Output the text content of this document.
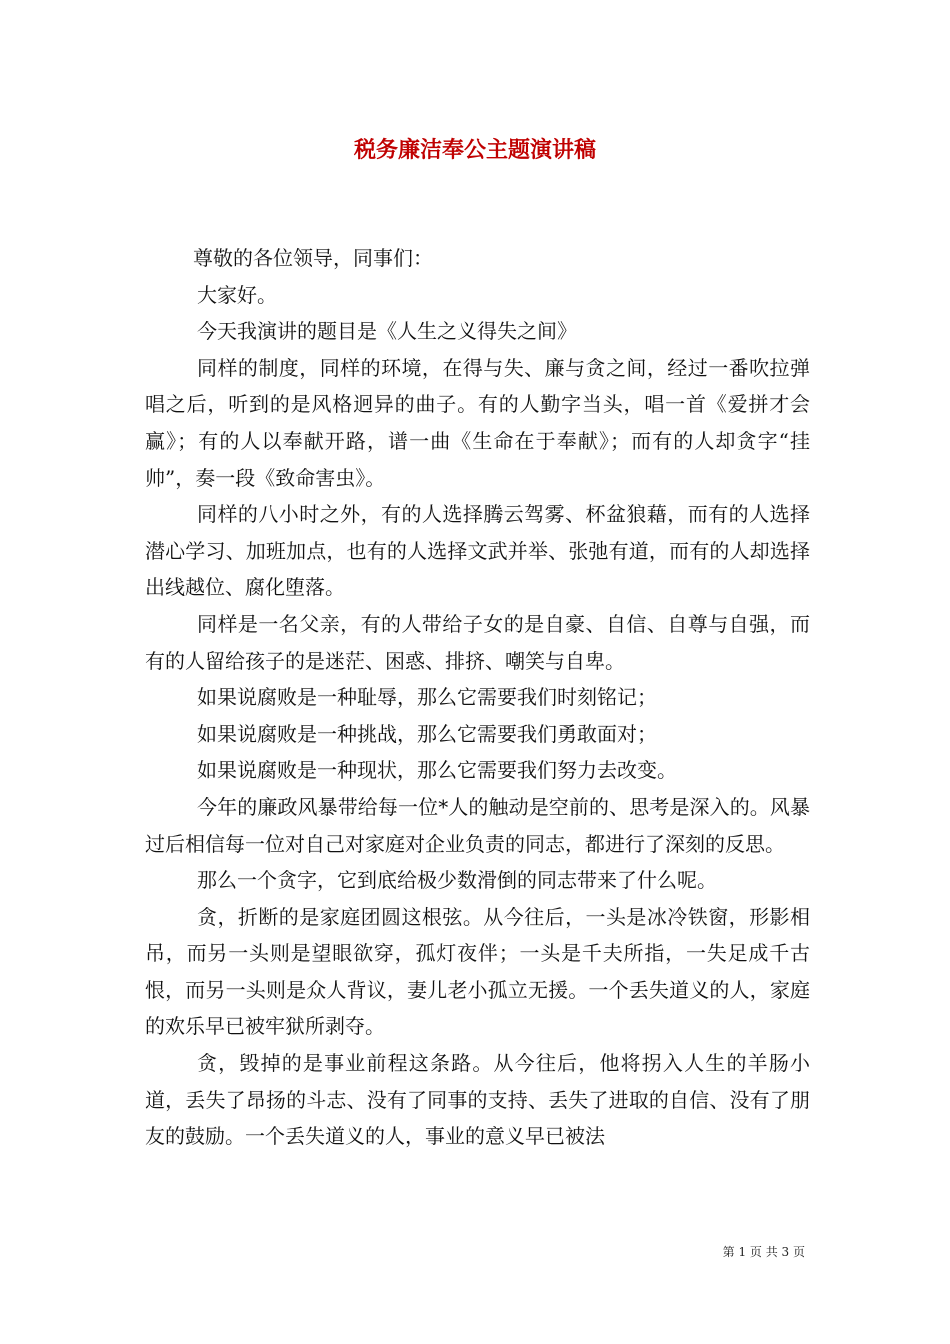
税务廉洁奉公主题演讲稿

尊敬的各位领导，同事们：

大家好。

今天我演讲的题目是《人生之义得失之间》

同样的制度，同样的环境，在得与失、廉与贪之间，经过一番吹拉弹唱之后，听到的是风格迥异的曲子。有的人勤字当头，唱一首《爱拼才会赢》；有的人以奉献开路，谱一曲《生命在于奉献》；而有的人却贪字“挂帅”，奏一段《致命害虫》。

同样的八小时之外，有的人选择腾云驾雾、杯盆狼藉，而有的人选择潜心学习、加班加点，也有的人选择文武并举、张弛有道，而有的人却选择出线越位、腐化堕落。

同样是一名父亲，有的人带给子女的是自豪、自信、自尊与自强，而有的人留给孩子的是迷茫、困惑、排挤、嘲笑与自卑。

如果说腐败是一种耻辱，那么它需要我们时刻铭记；

如果说腐败是一种挑战，那么它需要我们勇敢面对；

如果说腐败是一种现状，那么它需要我们努力去改变。

今年的廉政风暴带给每一位*人的触动是空前的、思考是深入的。风暴过后相信每一位对自己对家庭对企业负责的同志，都进行了深刻的反思。

那么一个贪字，它到底给极少数滑倒的同志带来了什么呢。

贪，折断的是家庭团圆这根弦。从今往后，一头是冰冷铁窗，形影相吊，而另一头则是望眼欲穿，孤灯夜伴；一头是千夫所指，一失足成千古恨，而另一头则是众人背议，妻儿老小孤立无援。一个丢失道义的人，家庭的欢乐早已被牢狱所剥夺。

贪，毁掉的是事业前程这条路。从今往后，他将拐入人生的羊肠小道，丢失了昂扬的斗志、没有了同事的支持、丢失了进取的自信、没有了朋友的鼓励。一个丢失道义的人，事业的意义早已被法

第 1 页 共 3 页
